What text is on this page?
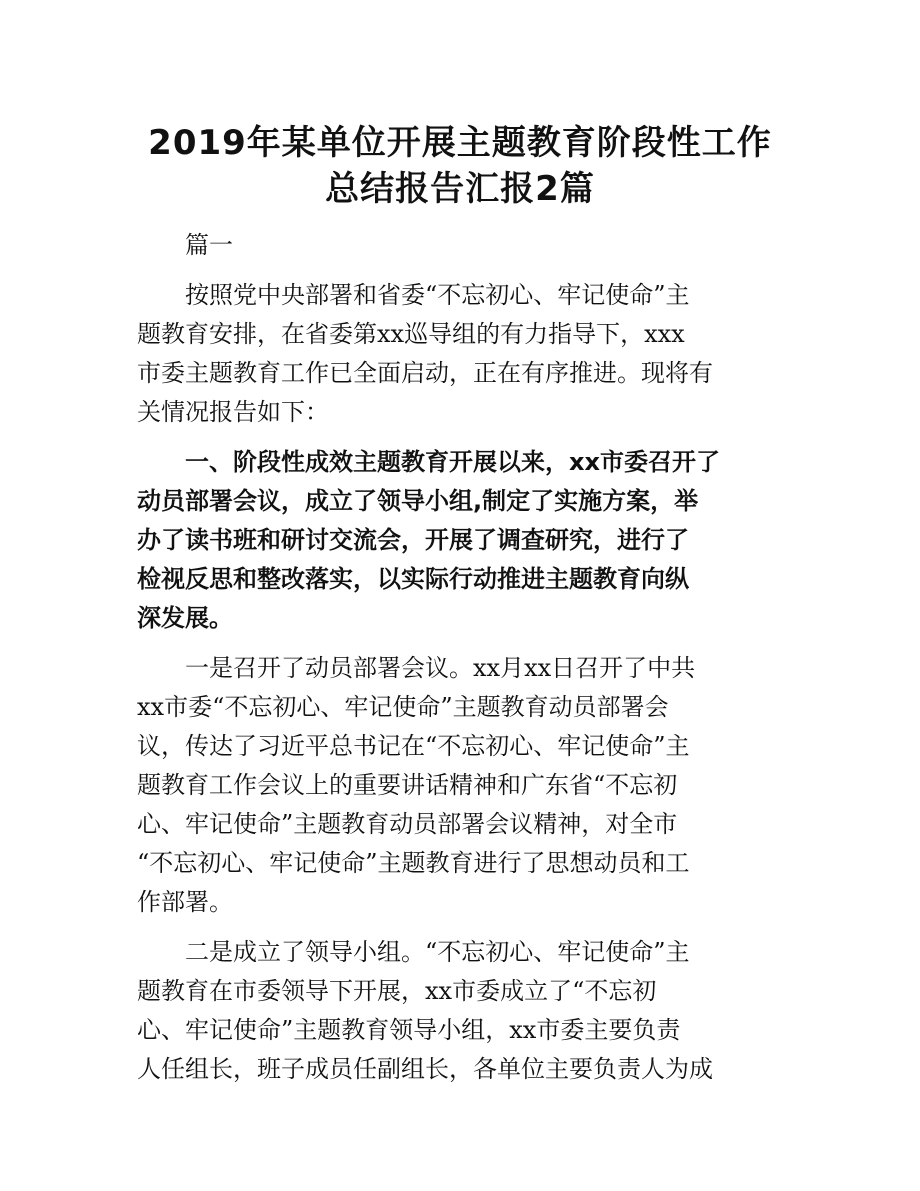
2019年某单位开展主题教育阶段性工作
总结报告汇报2篇

篇一

按照党中央部署和省委“不忘初心、牢记使命”主
题教育安排，在省委第xx巡导组的有力指导下，xxx
市委主题教育工作已全面启动，正在有序推进。现将有
关情况报告如下：

一、阶段性成效主题教育开展以来，xx市委召开了
动员部署会议，成立了领导小组,制定了实施方案，举
办了读书班和研讨交流会，开展了调查研究，进行了
检视反思和整改落实，以实际行动推进主题教育向纵
深发展。

一是召开了动员部署会议。xx月xx日召开了中共
xx市委“不忘初心、牢记使命”主题教育动员部署会
议，传达了习近平总书记在“不忘初心、牢记使命”主
题教育工作会议上的重要讲话精神和广东省“不忘初
心、牢记使命”主题教育动员部署会议精神，对全市
“不忘初心、牢记使命”主题教育进行了思想动员和工
作部署。

二是成立了领导小组。“不忘初心、牢记使命”主
题教育在市委领导下开展，xx市委成立了“不忘初
心、牢记使命”主题教育领导小组，xx市委主要负责
人任组长，班子成员任副组长，各单位主要负责人为成
